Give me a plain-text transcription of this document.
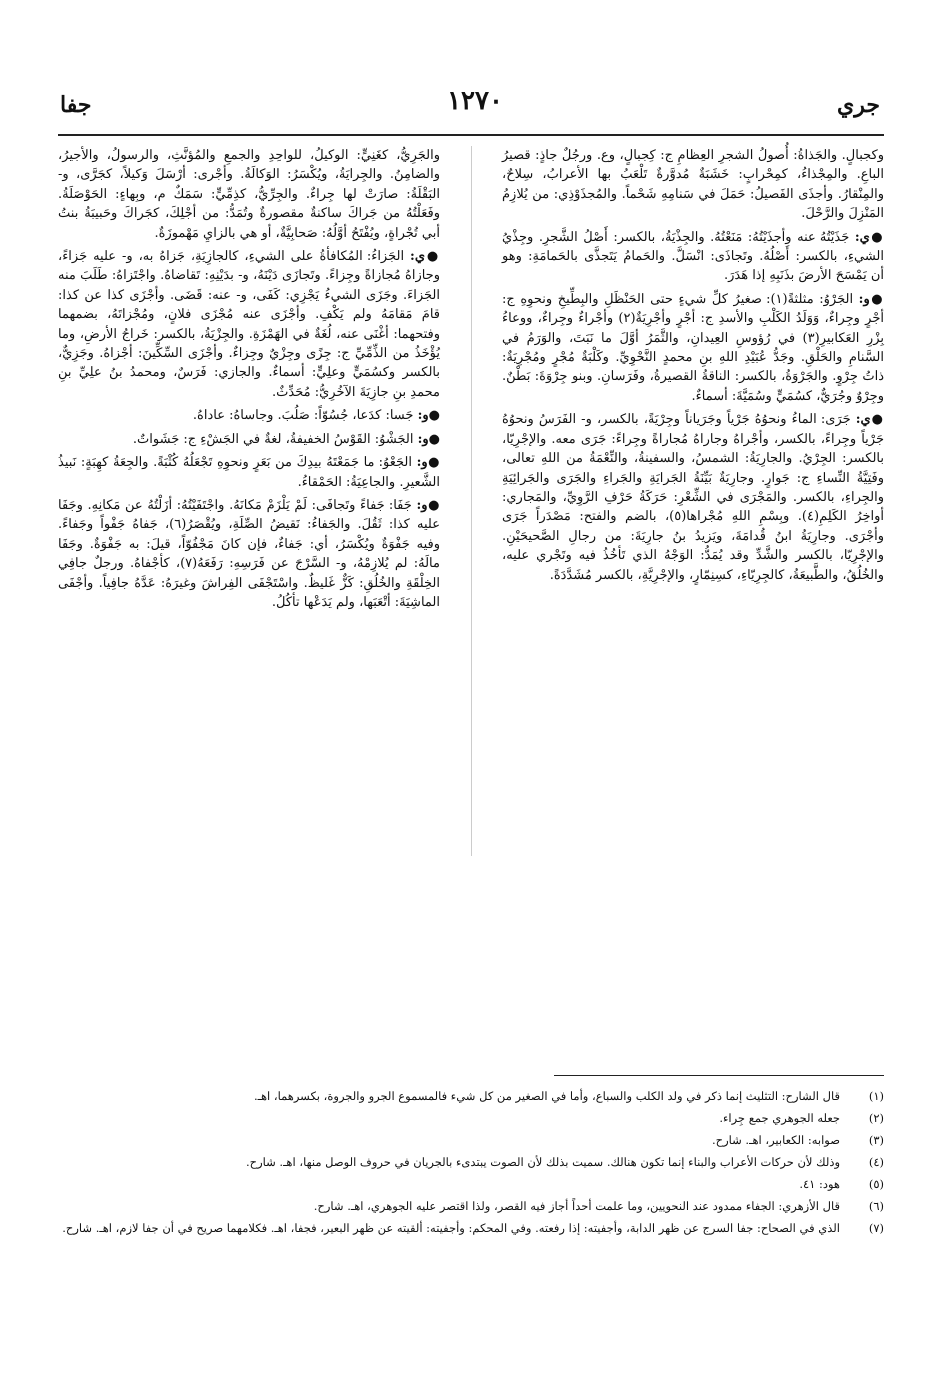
جري
١٢٧٠
جفا

وكجبالٍ. والجَذاةُ: أُصولُ الشجرِ العِظامِ ج: كِجبالٍ، وع. ورجُلٌ جاذٍ: قصيرُ الباعِ. والمِجْذاءُ، كمِحْرابٍ: خَشَبَةٌ مُدوَّرةٌ تَلْعَبُ بها الأعرابُ، سِلاحٌ، والمِنْقارُ. وأجذَى الفَصيلُ: حَمَلَ في سَنامِهِ شَحْماً. والمُجذَوْذِي: من يُلازِمُ المَنْزِلَ والرَّحْلَ.

●ي: جَذَيْتُهُ عنه وأجذَيْتُهُ: مَنَعْتُهُ. والجِذْيَةُ، بالكسر: أَصْلُ الشَّجرِ. وجِذْيُ الشيءِ، بالكسر: أَصْلُهُ. وتَجاذَى: انْسَلَّ. والحَمامُ يَتَجذَّى بالحَمامَةِ: وهو أن يَمْسَحَ الأرضَ بذَنَبِهِ إذا هَدَرَ.

●و: الجَرْوُ: مثلثةً(١): صغيرُ كلِّ شيءٍ حتى الحَنْظَلِ والبِطِّيخِ ونحوِهِ ج: أجْرٍ وجِراءٌ، وَوَلَدُ الكَلْبِ والأسدِ ج: أجْرٍ وأجْرِيَةٌ(٢) وأجْراءٌ وجِراءٌ، ووعاءُ بِزْرِ العَكابيرِ(٣) في رُؤوسِ العِيدانِ، والثَّمَرُ أوَّلَ ما نَبَتَ، والوَرَمُ في السَّنامِ والحَلْقِ. وجَدُّ عُبَيْدِ اللهِ بنِ محمدٍ النَّحْوِيِّ. وكَلْبَةٌ مُجْرٍ ومُجْرِيَةٌ: ذاتُ جِرْوٍ. والجَرْوَةُ، بالكسر: الناقةُ القصيرةُ، وفَرَسانِ. وبنو جِرْوَةَ: بَطْنٌ. وجِرْوٌ وجُرَيٌّ، كسُمَيٍّ وسُمَيَّةَ: أسماءٌ.

●ي: جَرَى: الماءُ ونحوُهُ جَرْياً وجَرَياناً وجِرْيَةً، بالكسر، و- الفَرَسُ ونحوُهُ جَرْياً وجِراءً، بالكسر، وأجْراهُ وجاراهُ مُجاراةً وجِراءً: جَرَى معه. والإجْرِيّا، بالكسر: الجِرْيُ. والجارِيَةُ: الشمسُ، والسفينةُ، والنِّعْمَةُ من اللهِ تعالى، وفَتِيَّةُ النِّساءِ ج: جَوارٍ. وجارِيَةٌ بَيِّنَةُ الجَرايَةِ والجَراءِ والجَرَى والجَرائِيَةِ والجِراءِ، بالكسر. والمَجْرَى في الشِّعْرِ: حَرَكَةُ حَرْفِ الرَّوِيِّ، والمَجاري: أواخِرُ الكَلِمِ(٤). وبِسْمِ اللهِ مُجْراها(٥)، بالضم والفتح: مَصْدَراً جَرَى وأجْرَى. وجارِيَةُ ابنُ قُدامَةَ، ويَزيدُ بنُ جارِيَةَ: من رجالِ الصَّحيحَيْنِ. والإجْرِيّا، بالكسر والشَّدِّ وقد يُمَدُّ: الوَجْهُ الذي تَأخُذُ فيه وتَجْري عليه، والخُلُقُ، والطَّبيعَةُ، كالجِرِيّاءِ، كسِنِمّارٍ، والإجْرِيَّةِ، بالكسر مُشَدَّدَةً.

والجَرِيُّ، كغَنِيٍّ: الوكيلُ، للواحِدِ والجمعِ والمُؤنَّثِ، والرسولُ، والأجيرُ، والضامِنُ. والجِرايَةُ، ويُكْسَرُ: الوَكالَةُ. وأجْرى: أرْسَلَ وَكيلاً، كجَرَّى، و- البَقْلَةُ: صارَتْ لها جِراءٌ. والجِرِّيُّ، كذِمِّيٍّ: سَمَكٌ م، وبِهاءٍ: الحَوْصَلَةُ. وفَعَلْتُهُ من جَراكَ ساكنةٌ مقصورةٌ وتُمَدُّ: من أجْلِكَ، كجَراكَ وحَبيبَةُ بنتُ أبي تُجْراةٍ، ويُفْتَحُ أوَّلُهُ: صَحابِيَّةٌ، أو هي بالزايِ مَهْموزَةٌ.

●ي: الجَزاءُ: المُكافأةُ على الشيءِ، كالجازِيَةِ، جَزاهُ به، و- عليه جَزاءً، وجازاهُ مُجازاةً وجِزاءً. وتَجازَى دَيْنَهُ، و- بدَيْنِهِ: تَقاضاهُ. واجْتَزاهُ: طَلَبَ منه الجَزاءَ. وجَزَى الشيءُ يَجْزِي: كَفَى، و- عنه: قَضَى. وأجْزَى كذا عن كذا: قامَ مَقامَهُ ولم يَكْفِ. وأجْزَى عنه مُجْزَى فلانٍ، ومُجْزاتَهُ، بضمهما وفتحهما: أغْنَى عنه، لُغَةٌ في الهَمْزَةِ. والجِزْيَةُ، بالكسر: خَراجُ الأرضِ، وما يُؤْخَذُ من الذِّمِّيِّ ج: جِزًى وجِزْيٌ وجِزاءٌ. وأجْزَى السِّكِّينَ: أجْزاهُ. وجَزِيٌّ، بالكسر وكسُمَيٍّ وعلِيٍّ: أسماءٌ. والجازي: فَرَسٌ، ومحمدُ بنُ علِيِّ بنِ محمدِ بنِ جازِيَةَ الآخُرِيُّ: مُحَدِّثٌ.

●و: جَسا: كدَعا، جُسُوّاً: صَلُبَ. وجاساهُ: عاداهُ.

●و: الجَشْوُ: القَوْسُ الخفيفةُ، لغةٌ في الجَشْءِ ج: جَشَواتٌ.

●و: الجَعْوُ: ما جَمَعْتَهُ بيدِكَ من بَعَرٍ ونحوِهِ تَجْعَلُهُ كُثْبَةً. والجِعَةُ كهِبَةٍ: نَبيذُ الشَّعيرِ. والجاعِيَةُ: الحَمْقاءُ.

●و: جَفَا: جَفاءً وتَجافَى: لَمْ يَلْزَمْ مَكانَهُ. واجْتَفَيْتُهُ: أزَلْتُهُ عن مَكانِهِ. وجَفَا عليه كذا: ثَقُلَ. والجَفاءُ: نَقيضُ الصِّلَةِ، ويُقْصَرُ(٦)، جَفاهُ جَفْواً وجَفاءً. وفيه جَفْوَةٌ ويُكْسَرُ، أي: جَفاءٌ، فإن كانَ مَجْفُوّاً، قيلَ: به جَفْوَةٌ. وجَفَا مالَهُ: لم يُلازِمْهُ، و- السَّرْجَ عن فَرَسِهِ: رَفَعَهُ(٧)، كأجْفاهُ. ورجلٌ جافِي الخِلْقَةِ والخُلُقِ: كَزٌّ غَليظٌ. واسْتَجْفَى الفِراشَ وغيرَهُ: عَدَّهُ جافِياً. وأجْفَى الماشِيَةَ: أتْعَبَها، ولم يَدَعْها تأكُلُ.

(١)
قال الشارح: التثليث إنما ذكر في ولد الكلب والسباع، وأما في الصغير من كل شيء فالمسموع الجرو والجروة، بكسرهما، اهـ.
(٢)
جعله الجوهري جمع جِراء.
(٣)
صوابه: الكعابير، اهـ. شارح.
(٤)
وذلك لأن حركات الأعراب والبناء إنما تكون هنالك. سميت بذلك لأن الصوت يبتدىء بالجريان في حروف الوصل منها، اهـ. شارح.
(٥)
هود: ٤١.
(٦)
قال الأزهري: الجفاء ممدود عند النحويين، وما علمت أحداً أجاز فيه القصر، ولذا اقتصر عليه الجوهري، اهـ. شارح.
(٧)
الذي في الصحاح: جفا السرج عن ظهر الدابة، وأجفيته: إذا رفعته. وفي المحكم: وأجفيته: ألقيته عن ظهر البعير، فجفا، اهـ. فكلامهما صريح في أن جفا لازم، اهـ. شارح.
